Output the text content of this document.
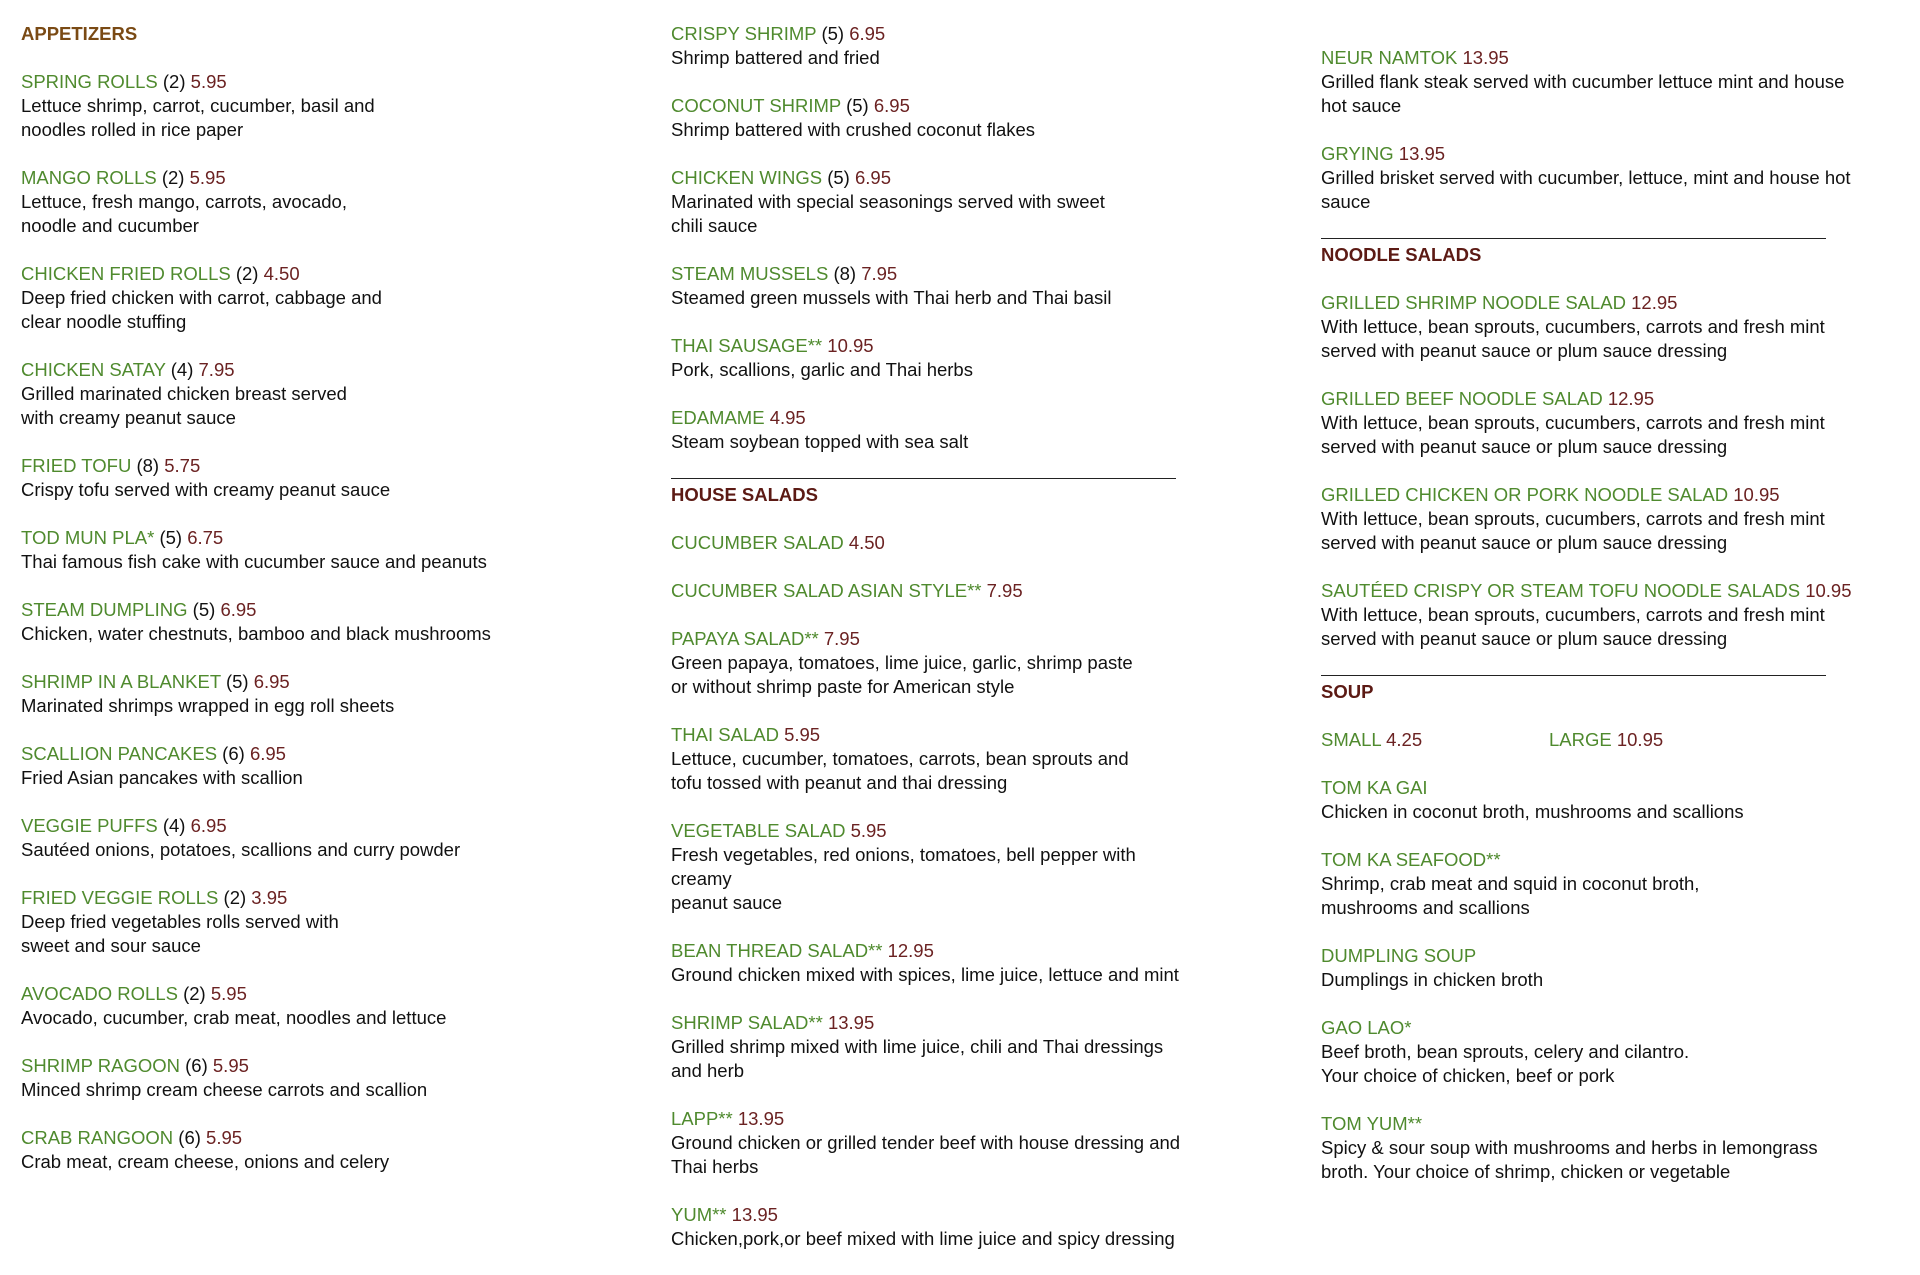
APPETIZERS
SPRING ROLLS (2) 5.95
Lettuce shrimp, carrot, cucumber, basil and
noodles rolled in rice paper
MANGO ROLLS (2) 5.95
Lettuce, fresh mango, carrots, avocado,
noodle and cucumber
CHICKEN FRIED ROLLS (2) 4.50
Deep fried chicken with carrot, cabbage and
clear noodle stuffing
CHICKEN SATAY (4) 7.95
Grilled marinated chicken breast served
with creamy peanut sauce
FRIED TOFU (8) 5.75
Crispy tofu served with creamy peanut sauce
TOD MUN PLA* (5) 6.75
Thai famous fish cake with cucumber sauce and peanuts
STEAM DUMPLING (5) 6.95
Chicken, water chestnuts, bamboo and black mushrooms
SHRIMP IN A BLANKET (5) 6.95
Marinated shrimps wrapped in egg roll sheets
SCALLION PANCAKES (6) 6.95
Fried Asian pancakes with scallion
VEGGIE PUFFS (4) 6.95
Sautéed onions, potatoes, scallions and curry powder
FRIED VEGGIE ROLLS (2) 3.95
Deep fried vegetables rolls served with
sweet and sour sauce
AVOCADO ROLLS (2) 5.95
Avocado, cucumber, crab meat, noodles and lettuce
SHRIMP RAGOON (6) 5.95
Minced shrimp cream cheese carrots and scallion
CRAB RANGOON (6) 5.95
Crab meat, cream cheese, onions and celery
CRISPY SHRIMP (5) 6.95
Shrimp battered and fried
COCONUT SHRIMP (5) 6.95
Shrimp battered with crushed coconut flakes
CHICKEN WINGS (5) 6.95
Marinated with special seasonings served with sweet
chili sauce
STEAM MUSSELS (8) 7.95
Steamed green mussels with Thai herb and Thai basil
THAI SAUSAGE** 10.95
Pork, scallions, garlic and Thai herbs
EDAMAME 4.95
Steam soybean topped with sea salt
HOUSE SALADS
CUCUMBER SALAD 4.50
CUCUMBER SALAD ASIAN STYLE** 7.95
PAPAYA SALAD** 7.95
Green papaya, tomatoes, lime juice, garlic, shrimp paste
or without shrimp paste for American style
THAI SALAD 5.95
Lettuce, cucumber, tomatoes, carrots, bean sprouts and
tofu tossed with peanut and thai dressing
VEGETABLE SALAD 5.95
Fresh vegetables, red onions, tomatoes, bell pepper with creamy
peanut sauce
BEAN THREAD SALAD** 12.95
Ground chicken mixed with spices, lime juice, lettuce and mint
SHRIMP SALAD** 13.95
Grilled shrimp mixed with lime juice, chili and Thai dressings
and herb
LAPP** 13.95
Ground chicken or grilled tender beef with house dressing and
Thai herbs
YUM** 13.95
Chicken,pork,or beef mixed with lime juice and spicy dressing
NEUR NAMTOK 13.95
Grilled flank steak served with cucumber lettuce mint and house
hot sauce
GRYING 13.95
Grilled brisket served with cucumber, lettuce, mint and house hot
sauce
NOODLE SALADS
GRILLED SHRIMP NOODLE SALAD 12.95
With lettuce, bean sprouts, cucumbers, carrots and fresh mint
served with peanut sauce or plum sauce dressing
GRILLED BEEF NOODLE SALAD 12.95
With lettuce, bean sprouts, cucumbers, carrots and fresh mint
served with peanut sauce or plum sauce dressing
GRILLED CHICKEN OR PORK NOODLE SALAD 10.95
With lettuce, bean sprouts, cucumbers, carrots and fresh mint
served with peanut sauce or plum sauce dressing
SAUTÉED CRISPY OR STEAM TOFU NOODLE SALADS 10.95
With lettuce, bean sprouts, cucumbers, carrots and fresh mint
served with peanut sauce or plum sauce dressing
SOUP
SMALL 4.25	LARGE 10.95
TOM KA GAI
Chicken in coconut broth, mushrooms and scallions
TOM KA SEAFOOD**
Shrimp, crab meat and squid in coconut broth,
mushrooms and scallions
DUMPLING SOUP
Dumplings in chicken broth
GAO LAO*
Beef broth, bean sprouts, celery and cilantro.
Your choice of chicken, beef or pork
TOM YUM**
Spicy & sour soup with mushrooms and herbs in lemongrass
broth. Your choice of shrimp, chicken or vegetable
